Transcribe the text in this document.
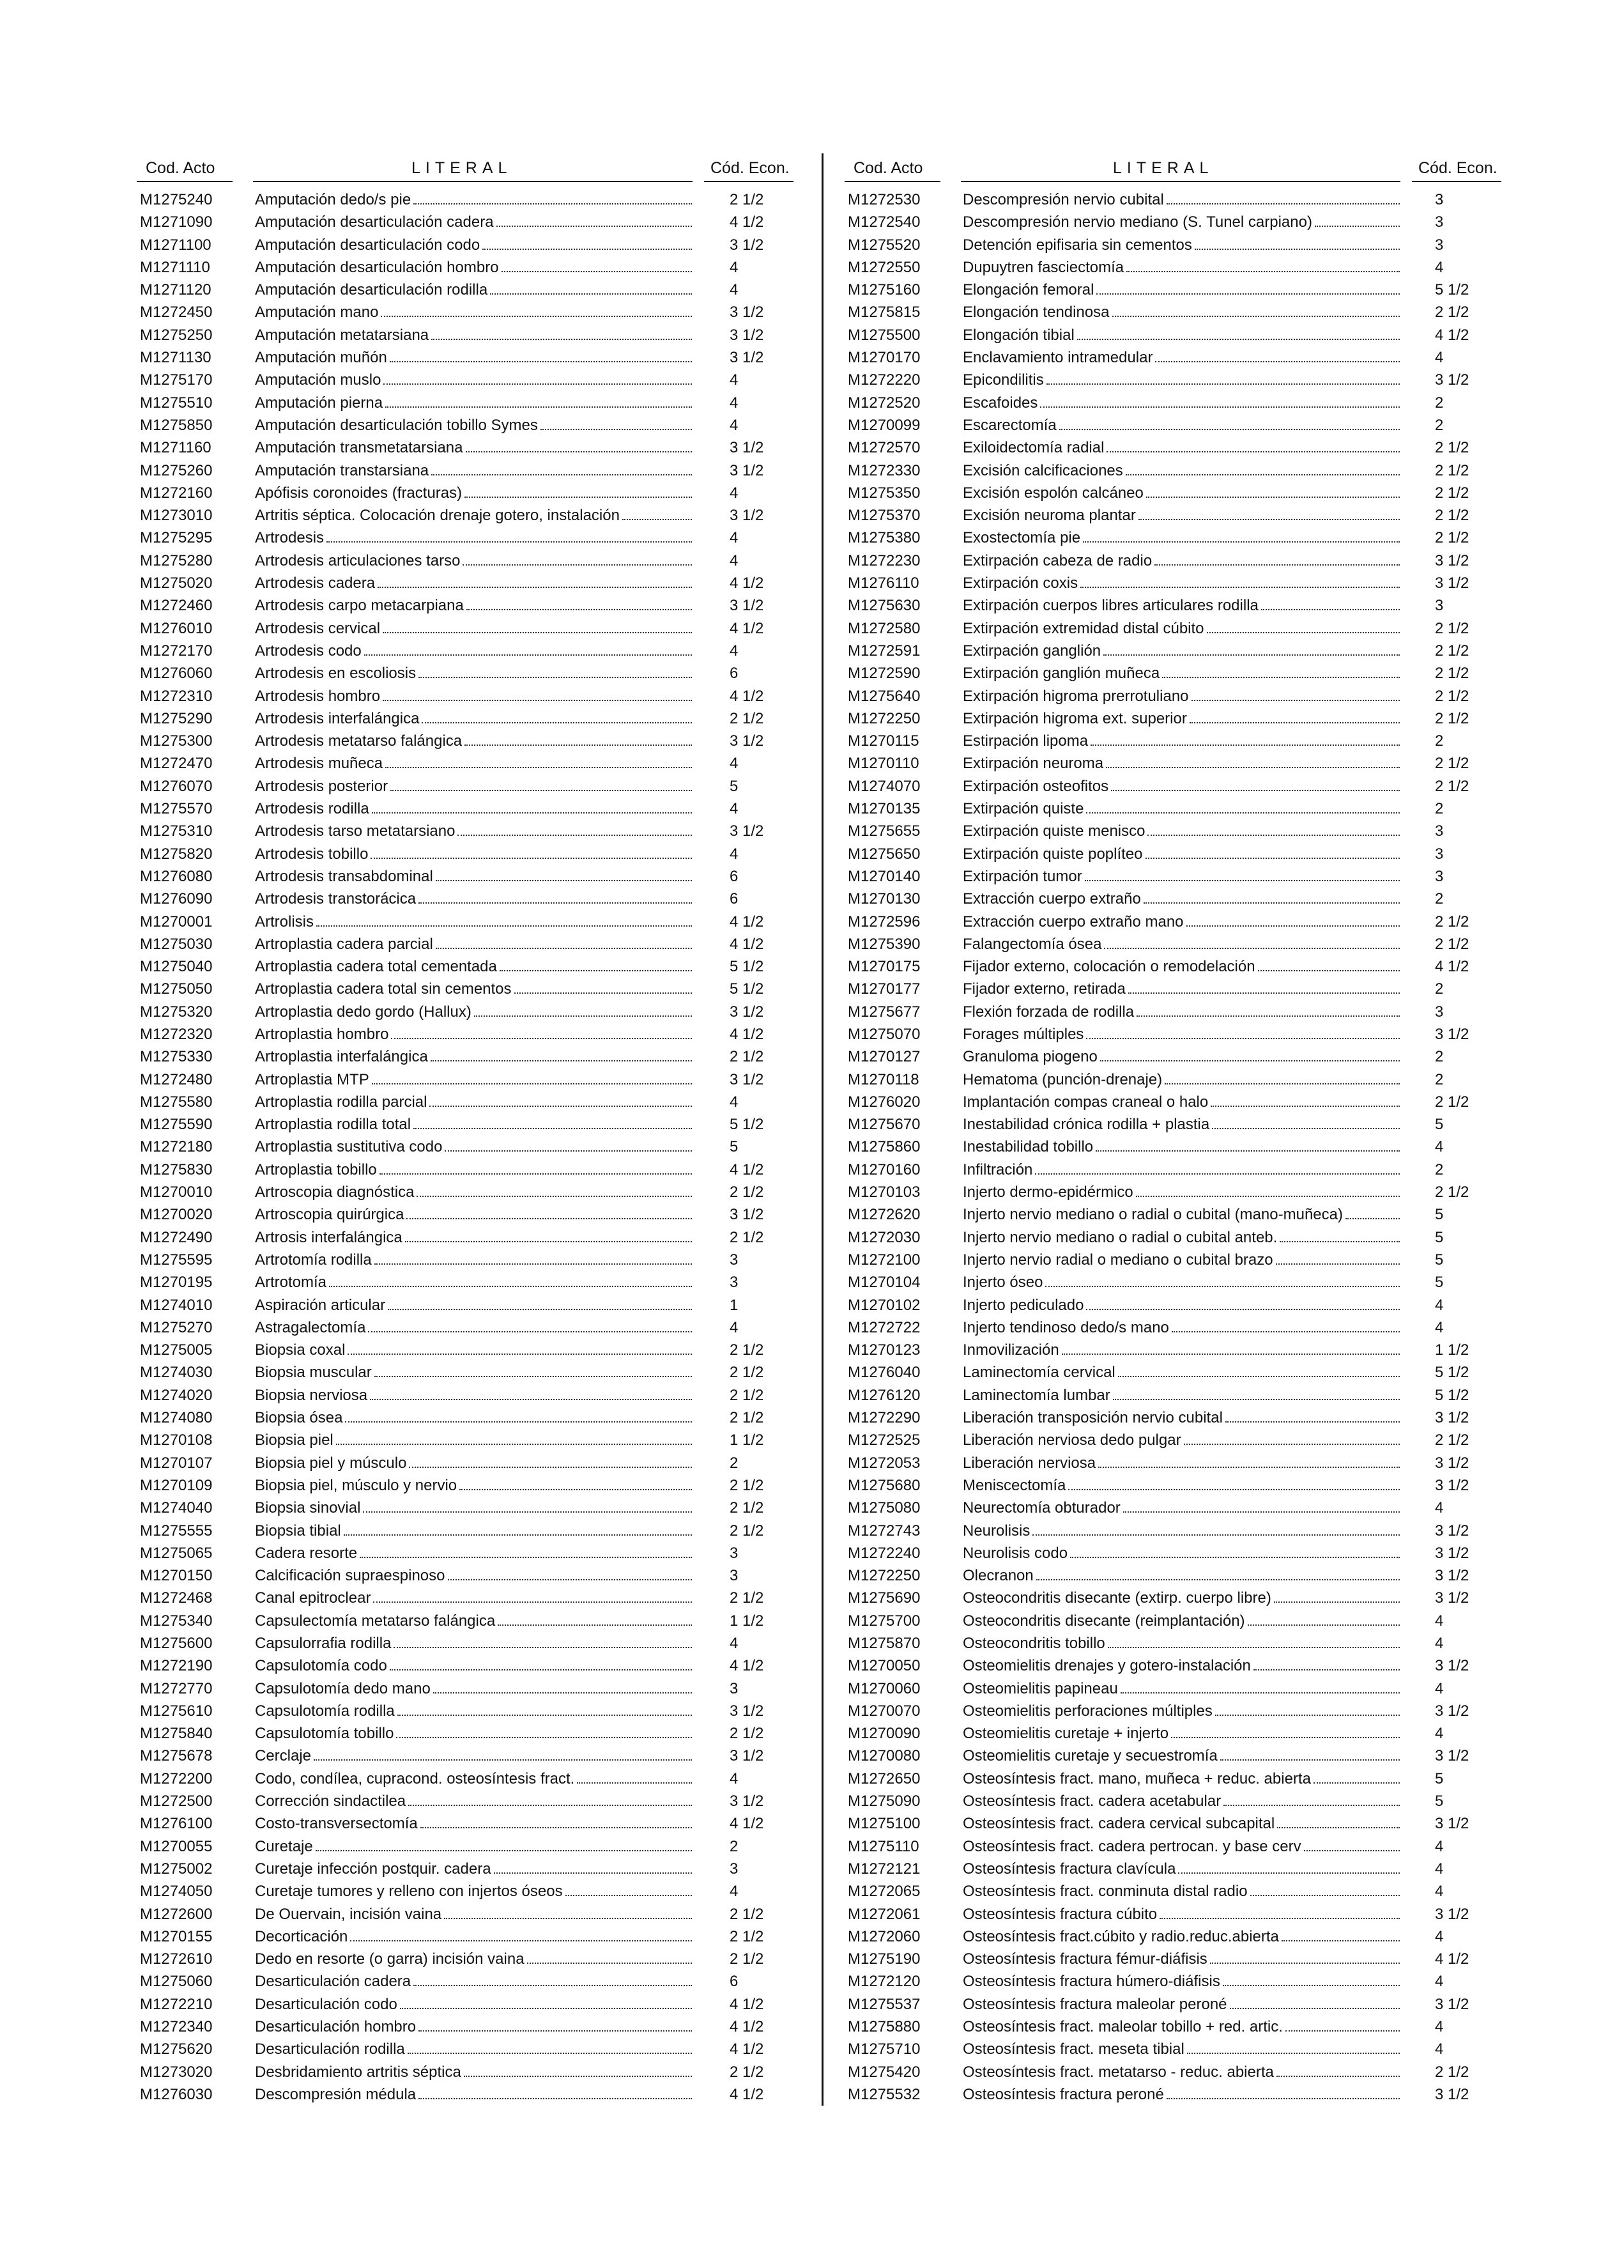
Cod. Acto	LITERAL	Cód. Econ.
M1275240	Amputación dedo/s pie	2 1/2
M1271090	Amputación desarticulación cadera	4 1/2
M1271100	Amputación desarticulación codo	3 1/2
M1271110	Amputación desarticulación hombro	4
M1271120	Amputación desarticulación rodilla	4
M1272450	Amputación mano	3 1/2
M1275250	Amputación metatarsiana	3 1/2
M1271130	Amputación muñón	3 1/2
M1275170	Amputación muslo	4
M1275510	Amputación pierna	4
M1275850	Amputación desarticulación tobillo Symes	4
M1271160	Amputación transmetatarsiana	3 1/2
M1275260	Amputación transtarsiana	3 1/2
M1272160	Apófisis coronoides (fracturas)	4
M1273010	Artritis séptica. Colocación drenaje gotero, instalación	3 1/2
M1275295	Artrodesis	4
M1275280	Artrodesis articulaciones tarso	4
M1275020	Artrodesis cadera	4 1/2
M1272460	Artrodesis carpo metacarpiana	3 1/2
M1276010	Artrodesis cervical	4 1/2
M1272170	Artrodesis codo	4
M1276060	Artrodesis en escoliosis	6
M1272310	Artrodesis hombro	4 1/2
M1275290	Artrodesis interfalángica	2 1/2
M1275300	Artrodesis metatarso falángica	3 1/2
M1272470	Artrodesis muñeca	4
M1276070	Artrodesis posterior	5
M1275570	Artrodesis rodilla	4
M1275310	Artrodesis tarso metatarsiano	3 1/2
M1275820	Artrodesis tobillo	4
M1276080	Artrodesis transabdominal	6
M1276090	Artrodesis transtorácica	6
M1270001	Artrolisis	4 1/2
M1275030	Artroplastia cadera parcial	4 1/2
M1275040	Artroplastia cadera total cementada	5 1/2
M1275050	Artroplastia cadera total sin cementos	5 1/2
M1275320	Artroplastia dedo gordo (Hallux)	3 1/2
M1272320	Artroplastia hombro	4 1/2
M1275330	Artroplastia interfalángica	2 1/2
M1272480	Artroplastia MTP	3 1/2
M1275580	Artroplastia rodilla parcial	4
M1275590	Artroplastia rodilla total	5 1/2
M1272180	Artroplastia sustitutiva codo	5
M1275830	Artroplastia tobillo	4 1/2
M1270010	Artroscopia diagnóstica	2 1/2
M1270020	Artroscopia quirúrgica	3 1/2
M1272490	Artrosis interfalángica	2 1/2
M1275595	Artrotomía rodilla	3
M1270195	Artrotomía	3
M1274010	Aspiración articular	1
M1275270	Astragalectomía	4
M1275005	Biopsia coxal	2 1/2
M1274030	Biopsia muscular	2 1/2
M1274020	Biopsia nerviosa	2 1/2
M1274080	Biopsia ósea	2 1/2
M1270108	Biopsia piel	1 1/2
M1270107	Biopsia piel y músculo	2
M1270109	Biopsia piel, músculo y nervio	2 1/2
M1274040	Biopsia sinovial	2 1/2
M1275555	Biopsia tibial	2 1/2
M1275065	Cadera resorte	3
M1270150	Calcificación supraespinoso	3
M1272468	Canal epitroclear	2 1/2
M1275340	Capsulectomía metatarso falángica	1 1/2
M1275600	Capsulorrafia rodilla	4
M1272190	Capsulotomía codo	4 1/2
M1272770	Capsulotomía dedo mano	3
M1275610	Capsulotomía rodilla	3 1/2
M1275840	Capsulotomía tobillo	2 1/2
M1275678	Cerclaje	3 1/2
M1272200	Codo, condílea, cupracond. osteosíntesis fract.	4
M1272500	Corrección sindactilea	3 1/2
M1276100	Costo-transversectomía	4 1/2
M1270055	Curetaje	2
M1275002	Curetaje infección postquir. cadera	3
M1274050	Curetaje tumores y relleno con injertos óseos	4
M1272600	De Ouervain, incisión vaina	2 1/2
M1270155	Decorticación	2 1/2
M1272610	Dedo en resorte (o garra) incisión vaina	2 1/2
M1275060	Desarticulación cadera	6
M1272210	Desarticulación codo	4 1/2
M1272340	Desarticulación hombro	4 1/2
M1275620	Desarticulación rodilla	4 1/2
M1273020	Desbridamiento artritis séptica	2 1/2
M1276030	Descompresión médula	4 1/2
Cod. Acto	LITERAL	Cód. Econ.
M1272530	Descompresión nervio cubital	3
M1272540	Descompresión nervio mediano (S. Tunel carpiano)	3
M1275520	Detención epifisaria sin cementos	3
M1272550	Dupuytren fasciectomía	4
M1275160	Elongación femoral	5 1/2
M1275815	Elongación tendinosa	2 1/2
M1275500	Elongación tibial	4 1/2
M1270170	Enclavamiento intramedular	4
M1272220	Epicondilitis	3 1/2
M1272520	Escafoides	2
M1270099	Escarectomía	2
M1272570	Exiloidectomía radial	2 1/2
M1272330	Excisión calcificaciones	2 1/2
M1275350	Excisión espolón calcáneo	2 1/2
M1275370	Excisión neuroma plantar	2 1/2
M1275380	Exostectomía pie	2 1/2
M1272230	Extirpación cabeza de radio	3 1/2
M1276110	Extirpación coxis	3 1/2
M1275630	Extirpación cuerpos libres articulares rodilla	3
M1272580	Extirpación extremidad distal cúbito	2 1/2
M1272591	Extirpación ganglión	2 1/2
M1272590	Extirpación ganglión muñeca	2 1/2
M1275640	Extirpación higroma prerrotuliano	2 1/2
M1272250	Extirpación higroma ext. superior	2 1/2
M1270115	Estirpación lipoma	2
M1270110	Extirpación neuroma	2 1/2
M1274070	Extirpación osteofitos	2 1/2
M1270135	Extirpación quiste	2
M1275655	Extirpación quiste menisco	3
M1275650	Extirpación quiste poplíteo	3
M1270140	Extirpación tumor	3
M1270130	Extracción cuerpo extraño	2
M1272596	Extracción cuerpo extraño mano	2 1/2
M1275390	Falangectomía ósea	2 1/2
M1270175	Fijador externo, colocación o remodelación	4 1/2
M1270177	Fijador externo, retirada	2
M1275677	Flexión forzada de rodilla	3
M1275070	Forages múltiples	3 1/2
M1270127	Granuloma piogeno	2
M1270118	Hematoma (punción-drenaje)	2
M1276020	Implantación compas craneal o halo	2 1/2
M1275670	Inestabilidad crónica rodilla + plastia	5
M1275860	Inestabilidad tobillo	4
M1270160	Infiltración	2
M1270103	Injerto dermo-epidérmico	2 1/2
M1272620	Injerto nervio mediano o radial o cubital (mano-muñeca)	5
M1272030	Injerto nervio mediano o radial o cubital anteb.	5
M1272100	Injerto nervio radial o mediano o cubital brazo	5
M1270104	Injerto óseo	5
M1270102	Injerto pediculado	4
M1272722	Injerto tendinoso dedo/s mano	4
M1270123	Inmovilización	1 1/2
M1276040	Laminectomía cervical	5 1/2
M1276120	Laminectomía lumbar	5 1/2
M1272290	Liberación transposición nervio cubital	3 1/2
M1272525	Liberación nerviosa dedo pulgar	2 1/2
M1272053	Liberación nerviosa	3 1/2
M1275680	Meniscectomía	3 1/2
M1275080	Neurectomía obturador	4
M1272743	Neurolisis	3 1/2
M1272240	Neurolisis codo	3 1/2
M1272250	Olecranon	3 1/2
M1275690	Osteocondritis disecante (extirp. cuerpo libre)	3 1/2
M1275700	Osteocondritis disecante (reimplantación)	4
M1275870	Osteocondritis tobillo	4
M1270050	Osteomielitis drenajes y gotero-instalación	3 1/2
M1270060	Osteomielitis papineau	4
M1270070	Osteomielitis perforaciones múltiples	3 1/2
M1270090	Osteomielitis curetaje + injerto	4
M1270080	Osteomielitis curetaje y secuestromía	3 1/2
M1272650	Osteosíntesis fract. mano, muñeca + reduc. abierta	5
M1275090	Osteosíntesis fract. cadera acetabular	5
M1275100	Osteosíntesis fract. cadera cervical subcapital	3 1/2
M1275110	Osteosíntesis fract. cadera pertrocan. y base cerv	4
M1272121	Osteosíntesis fractura clavícula	4
M1272065	Osteosíntesis fract. conminuta distal radio	4
M1272061	Osteosíntesis fractura cúbito	3 1/2
M1272060	Osteosíntesis fract.cúbito y radio.reduc.abierta	4
M1275190	Osteosíntesis fractura fémur-diáfisis	4 1/2
M1272120	Osteosíntesis fractura húmero-diáfisis	4
M1275537	Osteosíntesis fractura maleolar peroné	3 1/2
M1275880	Osteosíntesis fract. maleolar tobillo + red. artic.	4
M1275710	Osteosíntesis fract. meseta tibial	4
M1275420	Osteosíntesis fract. metatarso - reduc. abierta	2 1/2
M1275532	Osteosíntesis fractura peroné	3 1/2
